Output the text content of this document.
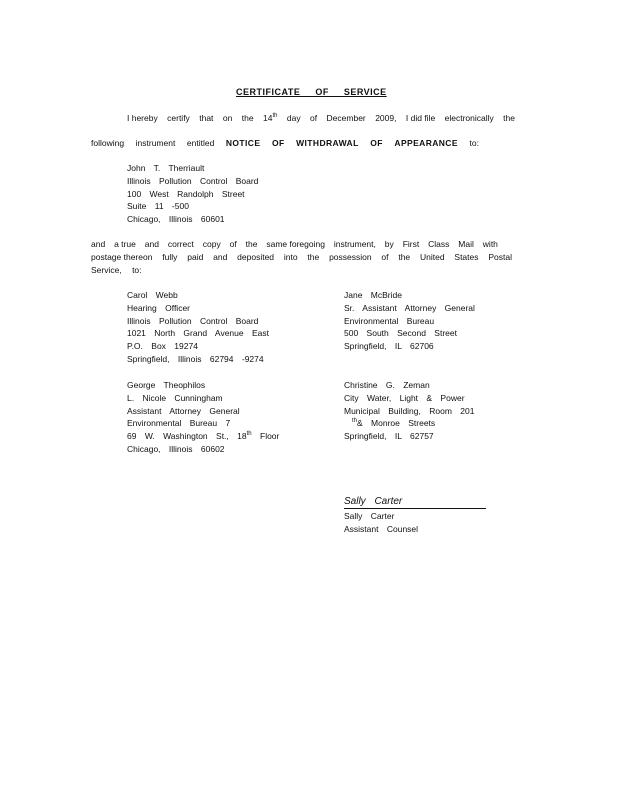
CERTIFICATE OF SERVICE
I hereby certify that on the 14th day of December 2009, I did file electronically the
following instrument entitled NOTICE OF WITHDRAWAL OF APPEARANCE to:
John T. Therriault
Illinois Pollution Control Board
100 West Randolph Street
Suite 11 -500
Chicago, Illinois 60601
and a true and correct copy of the same foregoing instrument, by First Class Mail with
postage thereon fully paid and deposited into the possession of the United States Postal
Service, to:
Carol Webb
Hearing Officer
Illinois Pollution Control Board
1021 North Grand Avenue East
P.O. Box 19274
Springfield, Illinois 62794 -9274
Jane McBride
Sr. Assistant Attorney General
Environmental Bureau
500 South Second Street
Springfield, IL 62706
George Theophilos
L. Nicole Cunningham
Assistant Attorney General
Environmental Bureau 7
69 W. Washington St., 18th Floor
Chicago, Illinois 60602
Christine G. Zeman
City Water, Light & Power
Municipal Building, Room 201
$^{th}$& Monroe Streets
Springfield, IL 62757
Sally Carter
Sally Carter
Assistant Counsel
